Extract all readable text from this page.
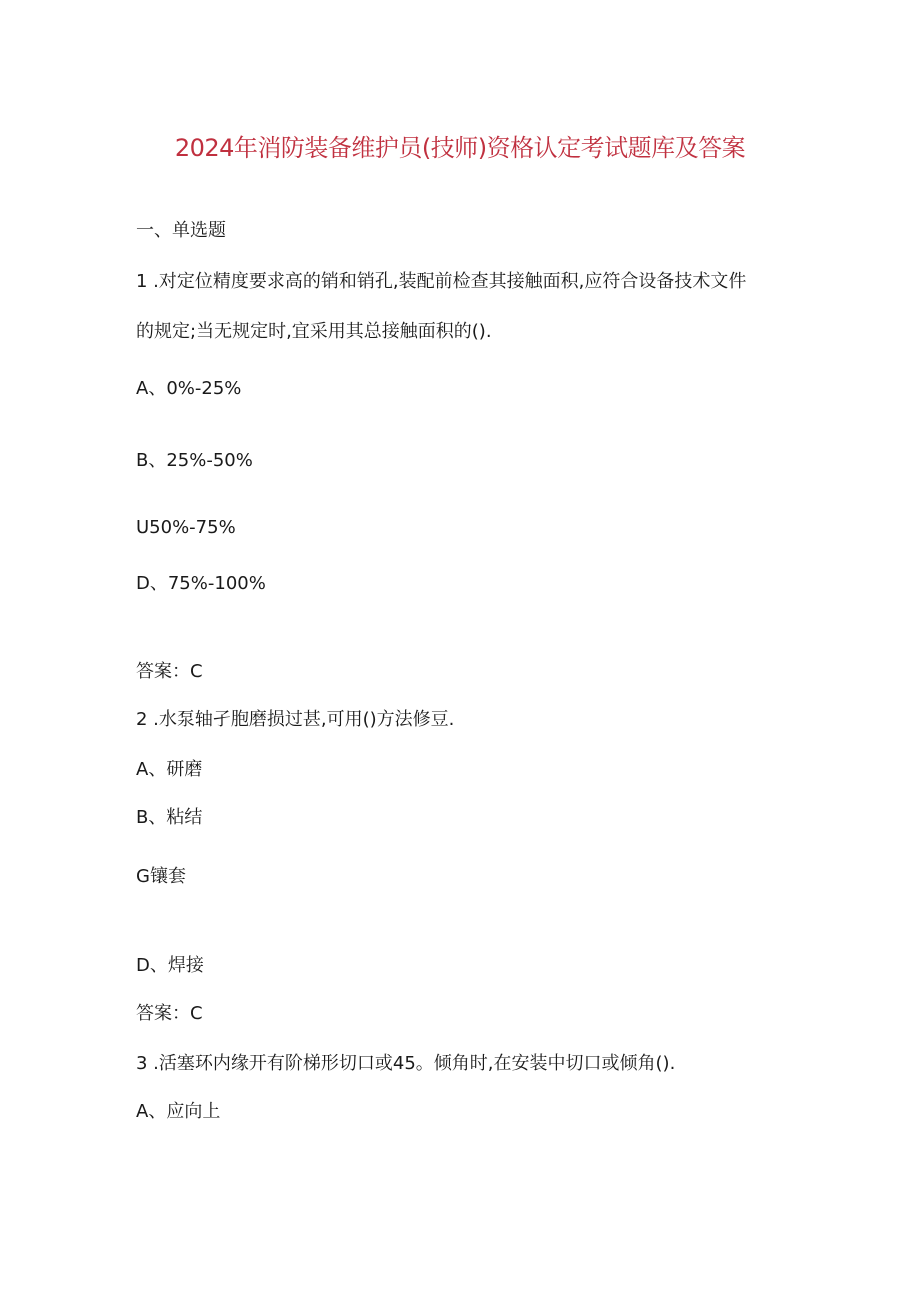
2024年消防装备维护员(技师)资格认定考试题库及答案
一、单选题
1 .对定位精度要求高的销和销孔,装配前检查其接触面积,应符合设备技术文件
的规定;当无规定时,宜采用其总接触面积的().
A、0%-25%
B、25%-50%
U50%-75%
D、75%-100%
答案：C
2 .水泵轴孑胞磨损过甚,可用()方法修豆.
A、研磨
B、粘结
G镶套
D、焊接
答案：C
3 .活塞环内缘开有阶梯形切口或45。倾角时,在安装中切口或倾角().
A、应向上
